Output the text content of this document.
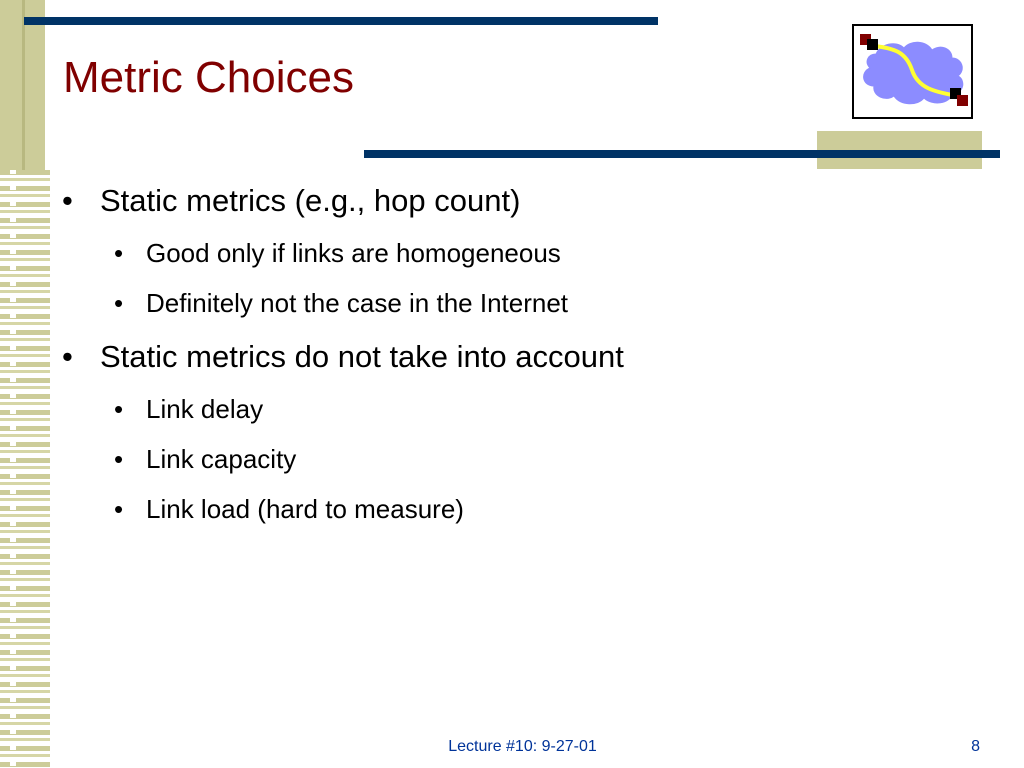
Metric Choices
• Static metrics (e.g., hop count)
• Good only if links are homogeneous
• Definitely not the case in the Internet
• Static metrics do not take into account
• Link delay
• Link capacity
• Link load (hard to measure)
Lecture #10: 9-27-01	8
